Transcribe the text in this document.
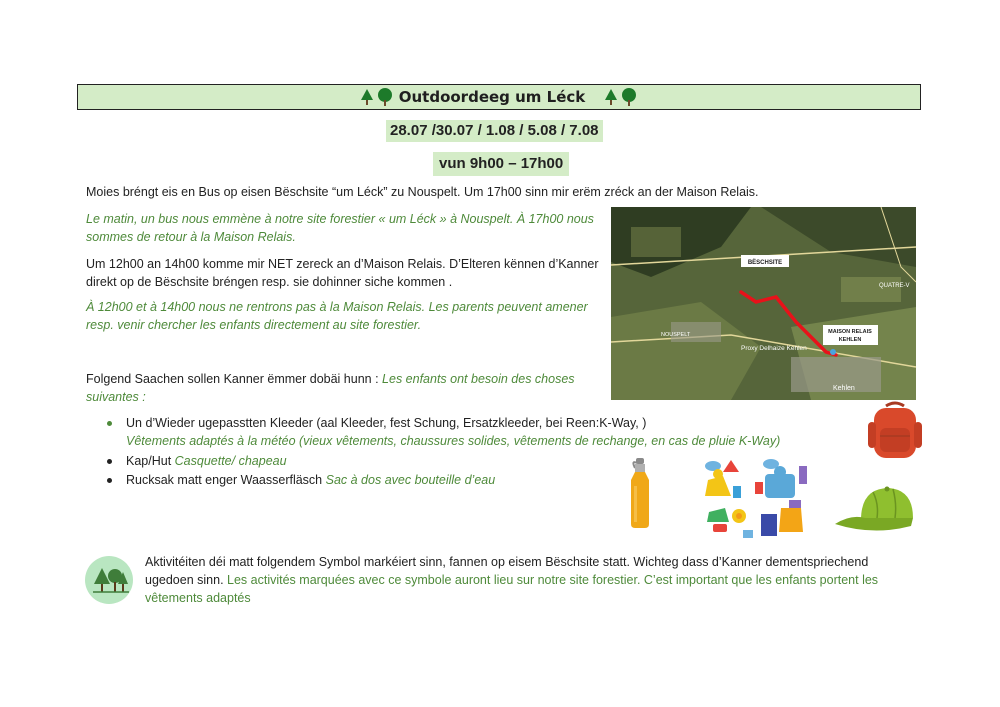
Outdoordeeg um Léck
28.07 /30.07 / 1.08 / 5.08 / 7.08
vun 9h00 – 17h00
Moies bréngt eis en Bus op eisen Bëschsite “um Léck” zu Nouspelt. Um 17h00 sinn mir erëm zréck an der Maison Relais.
Le matin, un bus nous emmène à notre site forestier « um Léck » à Nouspelt. À 17h00 nous sommes de retour à la Maison Relais.
Um 12h00 an 14h00 komme mir NET zereck an d’Maison Relais. D’Elteren kënnen d’Kanner direkt op de Bëschsite bréngen resp. sie dohinner siche kommen .
À 12h00 et à 14h00 nous ne rentrons pas à la Maison Relais. Les parents peuvent amener resp. venir chercher les enfants directement au site forestier.
BËSCHSITE
MAISON RELAIS
KEHLEN
NOUSPELT
Kehlen
QUATRE-V
Proxy Delhaize Kehlen
Folgend Saachen sollen Kanner ëmmer dobäi hunn : Les enfants ont besoin des choses suivantes :
Un d’Wieder ugepasstten Kleeder (aal Kleeder, fest Schung, Ersatzkleeder, bei Reen:K-Way, )
Vêtements adaptés à la météo (vieux vêtements, chaussures solides, vêtements de rechange, en cas de pluie K-Way)
Kap/Hut Casquette/ chapeau
Rucksak matt enger Waasserfläsch Sac à dos avec bouteille d’eau
Aktivitéiten déi matt folgendem Symbol markéiert sinn, fannen op eisem Bëschsite statt. Wichteg dass d’Kanner dementspriechend ugedoen sinn. Les activités marquées avec ce symbole auront lieu sur notre site forestier. C’est important que les enfants portent les vêtements adaptés
